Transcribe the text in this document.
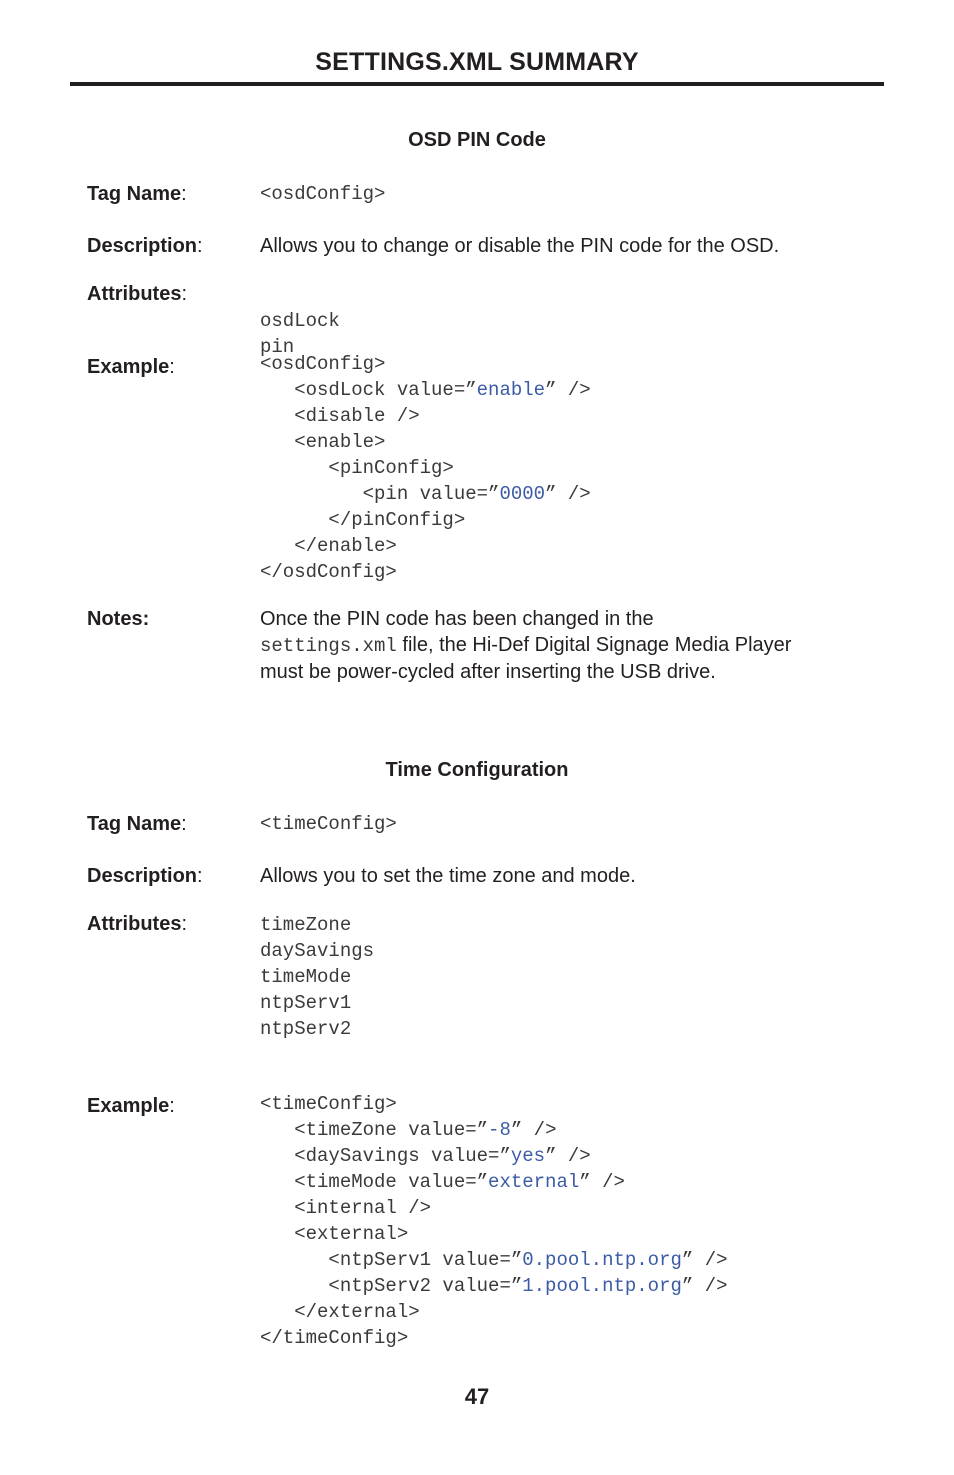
SETTINGS.XML SUMMARY
OSD PIN Code
Tag Name:	<osdConfig>
Description:	Allows you to change or disable the PIN code for the OSD.
Attributes:

osdLock
pin
Example:	<osdConfig>
<osdLock value=”enable” />
<disable />
<enable>
<pinConfig>
<pin value=”0000” />
</pinConfig>
</enable>
</osdConfig>
Notes:	Once the PIN code has been changed in the
settings.xml file, the Hi-Def Digital Signage Media Player
must be power-cycled after inserting the USB drive.
Time Configuration
Tag Name:	<timeConfig>
Description:	Allows you to set the time zone and mode.
Attributes:	timeZone
daySavings
timeMode
ntpServ1
ntpServ2
Example:	<timeConfig>
<timeZone value=”-8” />
<daySavings value=”yes” />
<timeMode value=”external” />
<internal />
<external>
<ntpServ1 value=”0.pool.ntp.org” />
<ntpServ2 value=”1.pool.ntp.org” />
</external>
</timeConfig>
47
